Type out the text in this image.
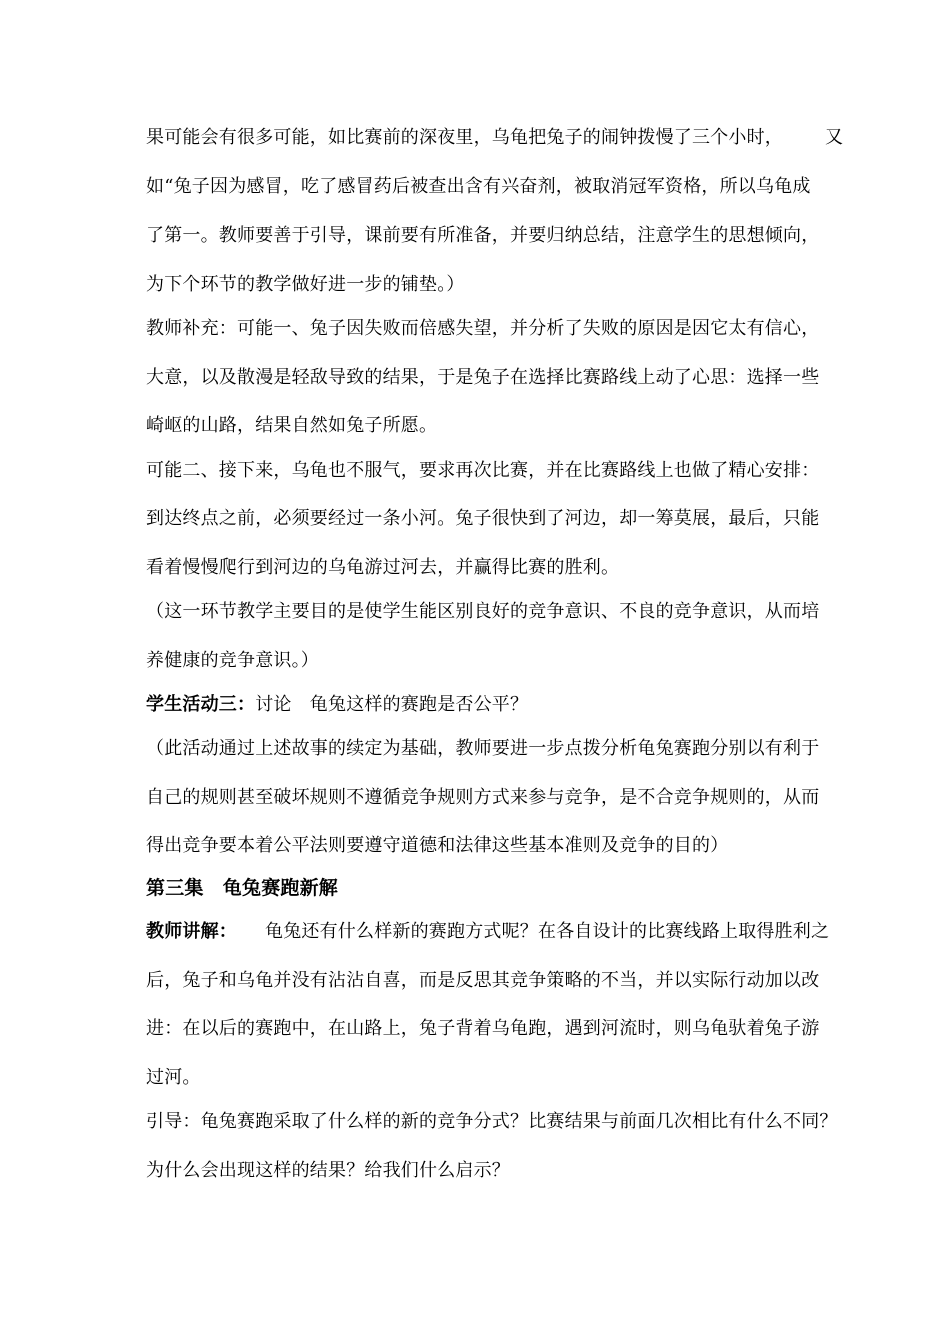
果可能会有很多可能，如比赛前的深夜里，乌龟把兔子的闹钟拨慢了三个小时， 又
如“兔子因为感冒，吃了感冒药后被查出含有兴奋剂，被取消冠军资格，所以乌龟成
了第一。教师要善于引导，课前要有所准备，并要归纳总结，注意学生的思想倾向，
为下个环节的教学做好进一步的铺垫。）
教师补充：可能一、兔子因失败而倍感失望，并分析了失败的原因是因它太有信心，
大意，以及散漫是轻敌导致的结果，于是兔子在选择比赛路线上动了心思：选择一些
崎岖的山路，结果自然如兔子所愿。
可能二、接下来，乌龟也不服气，要求再次比赛，并在比赛路线上也做了精心安排：
到达终点之前，必须要经过一条小河。兔子很快到了河边，却一筹莫展，最后，只能
看着慢慢爬行到河边的乌龟游过河去，并赢得比赛的胜利。
（这一环节教学主要目的是使学生能区别良好的竞争意识、不良的竞争意识，从而培
养健康的竞争意识。）
学生活动三：讨论　龟兔这样的赛跑是否公平？
（此活动通过上述故事的续定为基础，教师要进一步点拨分析龟兔赛跑分别以有利于
自己的规则甚至破坏规则不遵循竞争规则方式来参与竞争，是不合竞争规则的，从而
得出竞争要本着公平法则要遵守道德和法律这些基本准则及竞争的目的）
第三集　龟兔赛跑新解
教师讲解： 龟兔还有什么样新的赛跑方式呢？在各自设计的比赛线路上取得胜利之
后，兔子和乌龟并没有沾沾自喜，而是反思其竞争策略的不当，并以实际行动加以改
进：在以后的赛跑中，在山路上，兔子背着乌龟跑，遇到河流时，则乌龟驮着兔子游
过河。
引导：龟兔赛跑采取了什么样的新的竞争分式？比赛结果与前面几次相比有什么不同？
为什么会出现这样的结果？给我们什么启示？
